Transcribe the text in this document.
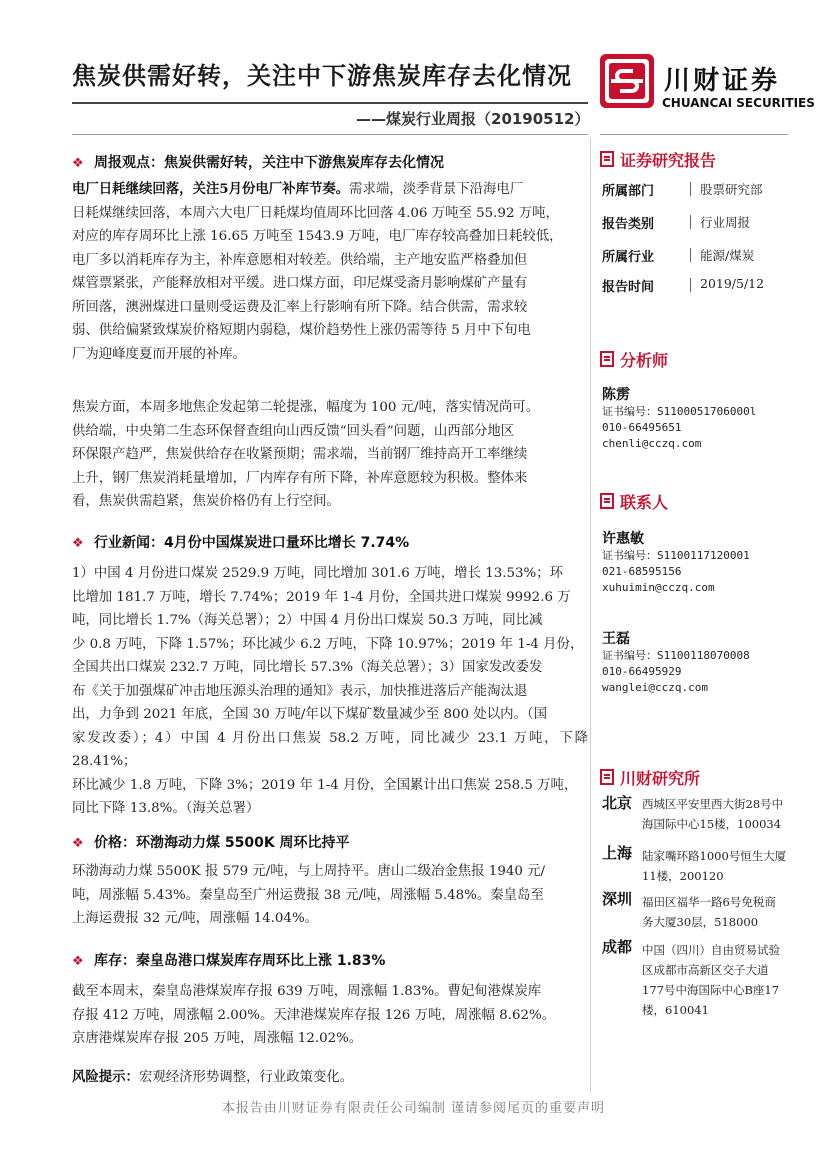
焦炭供需好转，关注中下游焦炭库存去化情况
——煤炭行业周报（20190512）
川财证券
CHUANCAI SECURITIES
❖ 周报观点：焦炭供需好转，关注中下游焦炭库存去化情况
电厂日耗继续回落，关注5月份电厂补库节奏。需求端，淡季背景下沿海电厂
日耗煤继续回落，本周六大电厂日耗煤均值周环比回落 4.06 万吨至 55.92 万吨，
对应的库存周环比上涨 16.65 万吨至 1543.9 万吨，电厂库存较高叠加日耗较低，
电厂多以消耗库存为主，补库意愿相对较差。供给端，主产地安监严格叠加但
煤管票紧张，产能释放相对平缓。进口煤方面，印尼煤受斋月影响煤矿产量有
所回落，澳洲煤进口量则受运费及汇率上行影响有所下降。结合供需，需求较
弱、供给偏紧致煤炭价格短期内弱稳，煤价趋势性上涨仍需等待 5 月中下旬电
厂为迎峰度夏而开展的补库。
焦炭方面，本周多地焦企发起第二轮提涨，幅度为 100 元/吨，落实情况尚可。
供给端，中央第二生态环保督查组向山西反馈“回头看”问题，山西部分地区
环保限产趋严，焦炭供给存在收紧预期；需求端，当前钢厂维持高开工率继续
上升，钢厂焦炭消耗量增加，厂内库存有所下降，补库意愿较为积极。整体来
看，焦炭供需趋紧，焦炭价格仍有上行空间。
❖ 行业新闻：4月份中国煤炭进口量环比增长 7.74%
1）中国 4 月份进口煤炭 2529.9 万吨，同比增加 301.6 万吨，增长 13.53%；环
比增加 181.7 万吨，增长 7.74%；2019 年 1-4 月份，全国共进口煤炭 9992.6 万
吨，同比增长 1.7%（海关总署）；2）中国 4 月份出口煤炭 50.3 万吨，同比减
少 0.8 万吨，下降 1.57%；环比减少 6.2 万吨，下降 10.97%；2019 年 1-4 月份，
全国共出口煤炭 232.7 万吨，同比增长 57.3%（海关总署）；3）国家发改委发
布《关于加强煤矿冲击地压源头治理的通知》表示，加快推进落后产能淘汰退
出，力争到 2021 年底，全国 30 万吨/年以下煤矿数量减少至 800 处以内。（国
家发改委）；4）中国 4 月份出口焦炭 58.2 万吨，同比减少 23.1 万吨，下降 28.41%；
环比减少 1.8 万吨，下降 3%；2019 年 1-4 月份，全国累计出口焦炭 258.5 万吨，
同比下降 13.8%。（海关总署）
❖ 价格：环渤海动力煤 5500K 周环比持平
环渤海动力煤 5500K 报 579 元/吨，与上周持平。唐山二级冶金焦报 1940 元/
吨，周涨幅 5.43%。秦皇岛至广州运费报 38 元/吨，周涨幅 5.48%。秦皇岛至
上海运费报 32 元/吨，周涨幅 14.04%。
❖ 库存：秦皇岛港口煤炭库存周环比上涨 1.83%
截至本周末，秦皇岛港煤炭库存报 639 万吨，周涨幅 1.83%。曹妃甸港煤炭库
存报 412 万吨，周涨幅 2.00%。天津港煤炭库存报 126 万吨，周涨幅 8.62%。
京唐港煤炭库存报 205 万吨，周涨幅 12.02%。
风险提示：宏观经济形势调整，行业政策变化。
证券研究报告
所属部门	股票研究部
报告类别	行业周报
所属行业	能源/煤炭
报告时间	2019/5/12
分析师
陈雳
证书编号：S1100051706000l
010-66495651
chenli@cczq.com
联系人
许惠敏
证书编号：S1100117120001
021-68595156
xuhuimin@cczq.com
王磊
证书编号：S1100118070008
010-66495929
wanglei@cczq.com
川财研究所
北京 西城区平安里西大街28号中
海国际中心15楼，100034
上海 陆家嘴环路1000号恒生大厦
11楼，200120
深圳 福田区福华一路6号免税商
务大厦30层，518000
成都 中国（四川）自由贸易试验
区成都市高新区交子大道
177号中海国际中心B座17
楼，610041
本报告由川财证券有限责任公司编制 谨请参阅尾页的重要声明
